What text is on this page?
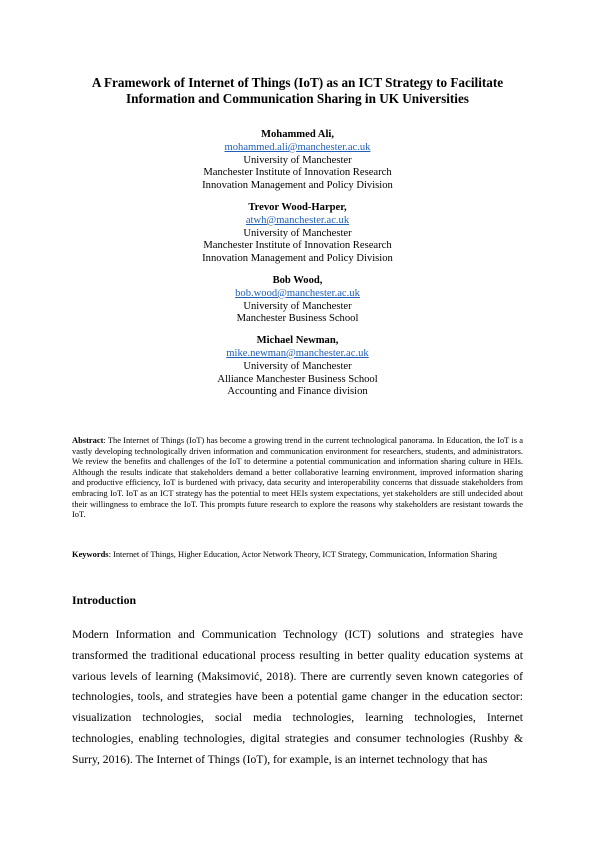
A Framework of Internet of Things (IoT) as an ICT Strategy to Facilitate
Information and Communication Sharing in UK Universities
Mohammed Ali,
mohammed.ali@manchester.ac.uk
University of Manchester
Manchester Institute of Innovation Research
Innovation Management and Policy Division
Trevor Wood-Harper,
atwh@manchester.ac.uk
University of Manchester
Manchester Institute of Innovation Research
Innovation Management and Policy Division
Bob Wood,
bob.wood@manchester.ac.uk
University of Manchester
Manchester Business School
Michael Newman,
mike.newman@manchester.ac.uk
University of Manchester
Alliance Manchester Business School
Accounting and Finance division
Abstract: The Internet of Things (IoT) has become a growing trend in the current technological panorama. In Education, the IoT is a vastly developing technologically driven information and communication environment for researchers, students, and administrators. We review the benefits and challenges of the IoT to determine a potential communication and information sharing culture in HEIs. Although the results indicate that stakeholders demand a better collaborative learning environment, improved information sharing and productive efficiency, IoT is burdened with privacy, data security and interoperability concerns that dissuade stakeholders from embracing IoT. IoT as an ICT strategy has the potential to meet HEIs system expectations, yet stakeholders are still undecided about their willingness to embrace the IoT. This prompts future research to explore the reasons why stakeholders are resistant towards the IoT.
Keywords: Internet of Things, Higher Education, Actor Network Theory, ICT Strategy, Communication, Information Sharing
Introduction
Modern Information and Communication Technology (ICT) solutions and strategies have transformed the traditional educational process resulting in better quality education systems at various levels of learning (Maksimović, 2018). There are currently seven known categories of technologies, tools, and strategies have been a potential game changer in the education sector: visualization technologies, social media technologies, learning technologies, Internet technologies, enabling technologies, digital strategies and consumer technologies (Rushby & Surry, 2016). The Internet of Things (IoT), for example, is an internet technology that has
